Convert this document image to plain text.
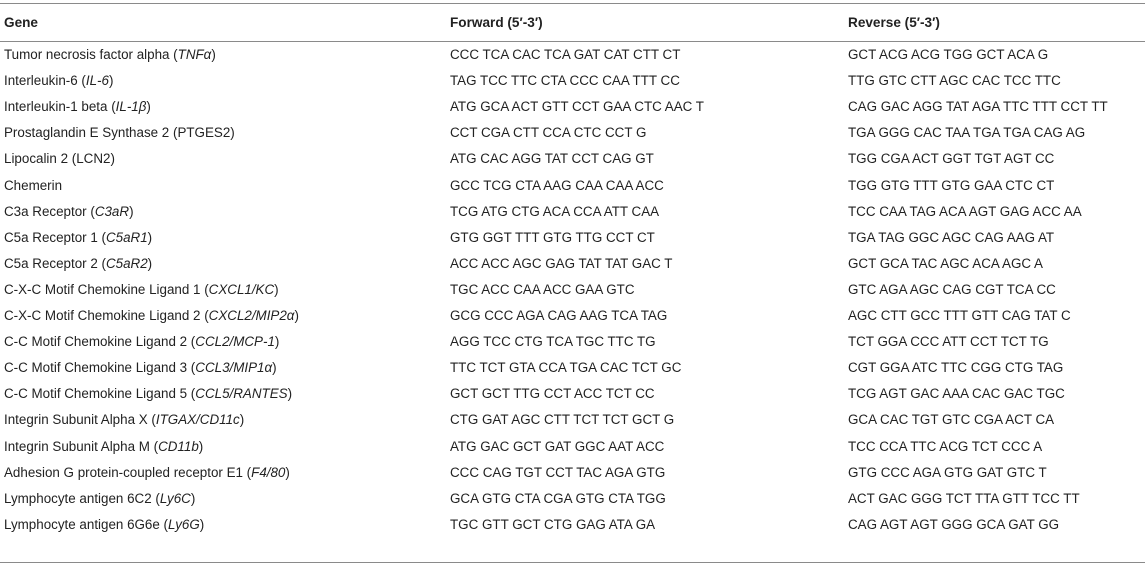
Gene	Forward (5′-3′)	Reverse (5′-3′)
Tumor necrosis factor alpha (TNFα)	CCC TCA CAC TCA GAT CAT CTT CT	GCT ACG ACG TGG GCT ACA G
Interleukin-6 (IL-6)	TAG TCC TTC CTA CCC CAA TTT CC	TTG GTC CTT AGC CAC TCC TTC
Interleukin-1 beta (IL-1β)	ATG GCA ACT GTT CCT GAA CTC AAC T	CAG GAC AGG TAT AGA TTC TTT CCT TT
Prostaglandin E Synthase 2 (PTGES2)	CCT CGA CTT CCA CTC CCT G	TGA GGG CAC TAA TGA TGA CAG AG
Lipocalin 2 (LCN2)	ATG CAC AGG TAT CCT CAG GT	TGG CGA ACT GGT TGT AGT CC
Chemerin	GCC TCG CTA AAG CAA CAA ACC	TGG GTG TTT GTG GAA CTC CT
C3a Receptor (C3aR)	TCG ATG CTG ACA CCA ATT CAA	TCC CAA TAG ACA AGT GAG ACC AA
C5a Receptor 1 (C5aR1)	GTG GGT TTT GTG TTG CCT CT	TGA TAG GGC AGC CAG AAG AT
C5a Receptor 2 (C5aR2)	ACC ACC AGC GAG TAT TAT GAC T	GCT GCA TAC AGC ACA AGC A
C-X-C Motif Chemokine Ligand 1 (CXCL1/KC)	TGC ACC CAA ACC GAA GTC	GTC AGA AGC CAG CGT TCA CC
C-X-C Motif Chemokine Ligand 2 (CXCL2/MIP2α)	GCG CCC AGA CAG AAG TCA TAG	AGC CTT GCC TTT GTT CAG TAT C
C-C Motif Chemokine Ligand 2 (CCL2/MCP-1)	AGG TCC CTG TCA TGC TTC TG	TCT GGA CCC ATT CCT TCT TG
C-C Motif Chemokine Ligand 3 (CCL3/MIP1α)	TTC TCT GTA CCA TGA CAC TCT GC	CGT GGA ATC TTC CGG CTG TAG
C-C Motif Chemokine Ligand 5 (CCL5/RANTES)	GCT GCT TTG CCT ACC TCT CC	TCG AGT GAC AAA CAC GAC TGC
Integrin Subunit Alpha X (ITGAX/CD11c)	CTG GAT AGC CTT TCT TCT GCT G	GCA CAC TGT GTC CGA ACT CA
Integrin Subunit Alpha M (CD11b)	ATG GAC GCT GAT GGC AAT ACC	TCC CCA TTC ACG TCT CCC A
Adhesion G protein-coupled receptor E1 (F4/80)	CCC CAG TGT CCT TAC AGA GTG	GTG CCC AGA GTG GAT GTC T
Lymphocyte antigen 6C2 (Ly6C)	GCA GTG CTA CGA GTG CTA TGG	ACT GAC GGG TCT TTA GTT TCC TT
Lymphocyte antigen 6G6e (Ly6G)	TGC GTT GCT CTG GAG ATA GA	CAG AGT AGT GGG GCA GAT GG
